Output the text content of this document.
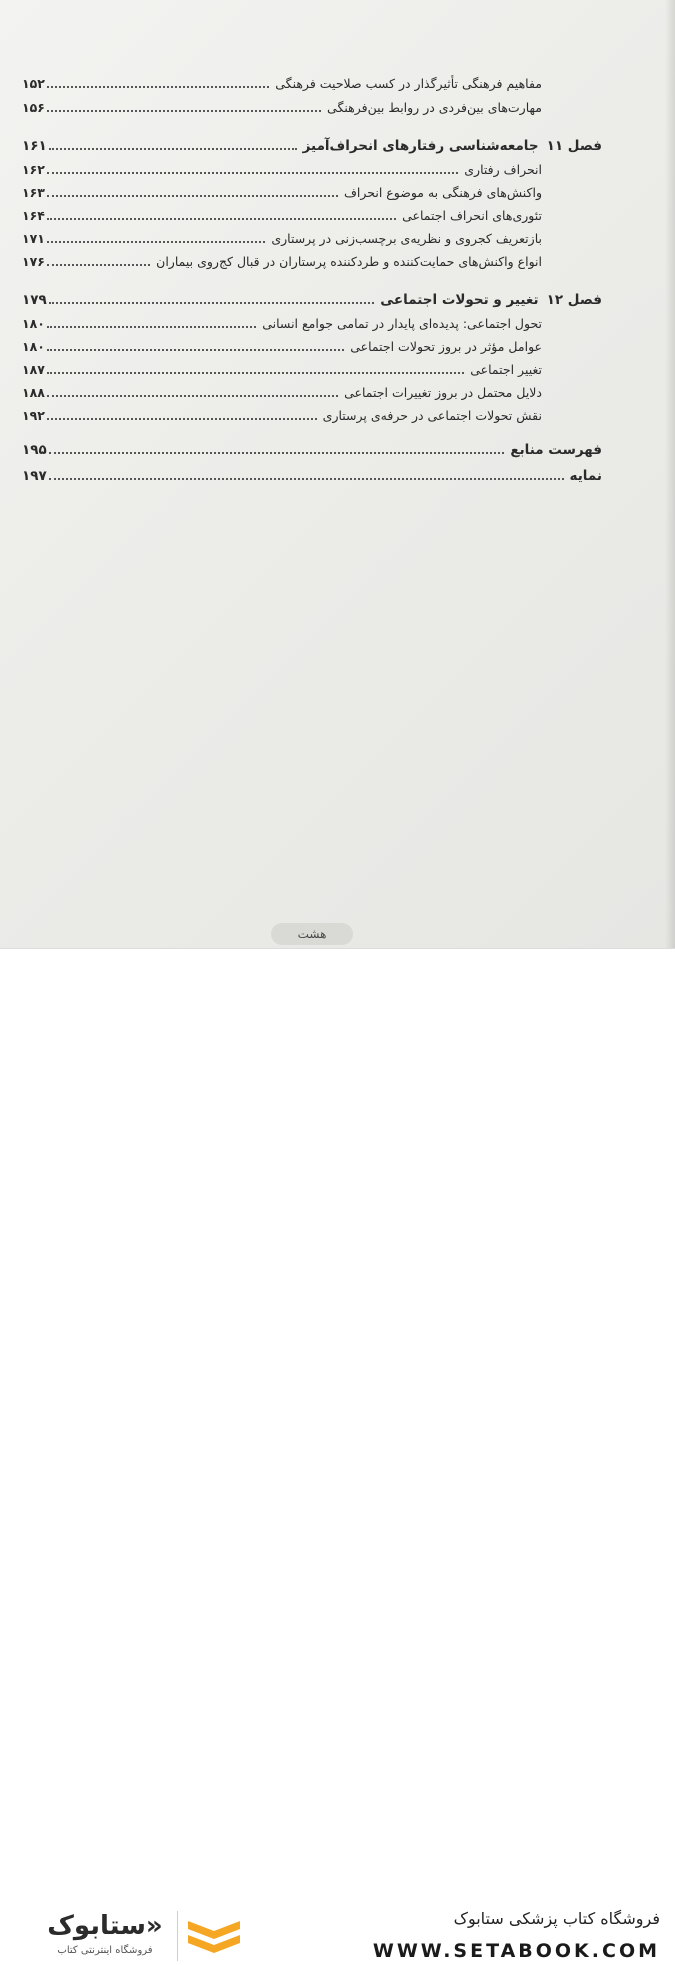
مفاهیم فرهنگی تأثیرگذار در کسب صلاحیت فرهنگی
۱۵۲
مهارت‌های بین‌فردی در روابط بین‌فرهنگی
۱۵۶
فصل ۱۱
جامعه‌شناسی رفتارهای انحراف‌آمیز
۱۶۱
انحراف رفتاری
۱۶۲
واکنش‌های فرهنگی به موضوع انحراف
۱۶۳
تئوری‌های انحراف اجتماعی
۱۶۴
بازتعریف کجروی و نظریه‌ی برچسب‌زنی در پرستاری
۱۷۱
انواع واکنش‌های حمایت‌کننده و طردکننده پرستاران در قبال کج‌روی بیماران
۱۷۶
فصل ۱۲
تغییر و تحولات اجتماعی
۱۷۹
تحول اجتماعی: پدیده‌ای پایدار در تمامی جوامع انسانی
۱۸۰
عوامل مؤثر در بروز تحولات اجتماعی
۱۸۰
تغییر اجتماعی
۱۸۷
دلایل محتمل در بروز تغییرات اجتماعی
۱۸۸
نقش تحولات اجتماعی در حرفه‌ی پرستاری
۱۹۲
فهرست منابع
۱۹۵
نمایه
۱۹۷
هشت
«ستابوک
فروشگاه اینترنتی کتاب
فروشگاه کتاب پزشکی ستابوک
WWW.SETABOOK.COM
